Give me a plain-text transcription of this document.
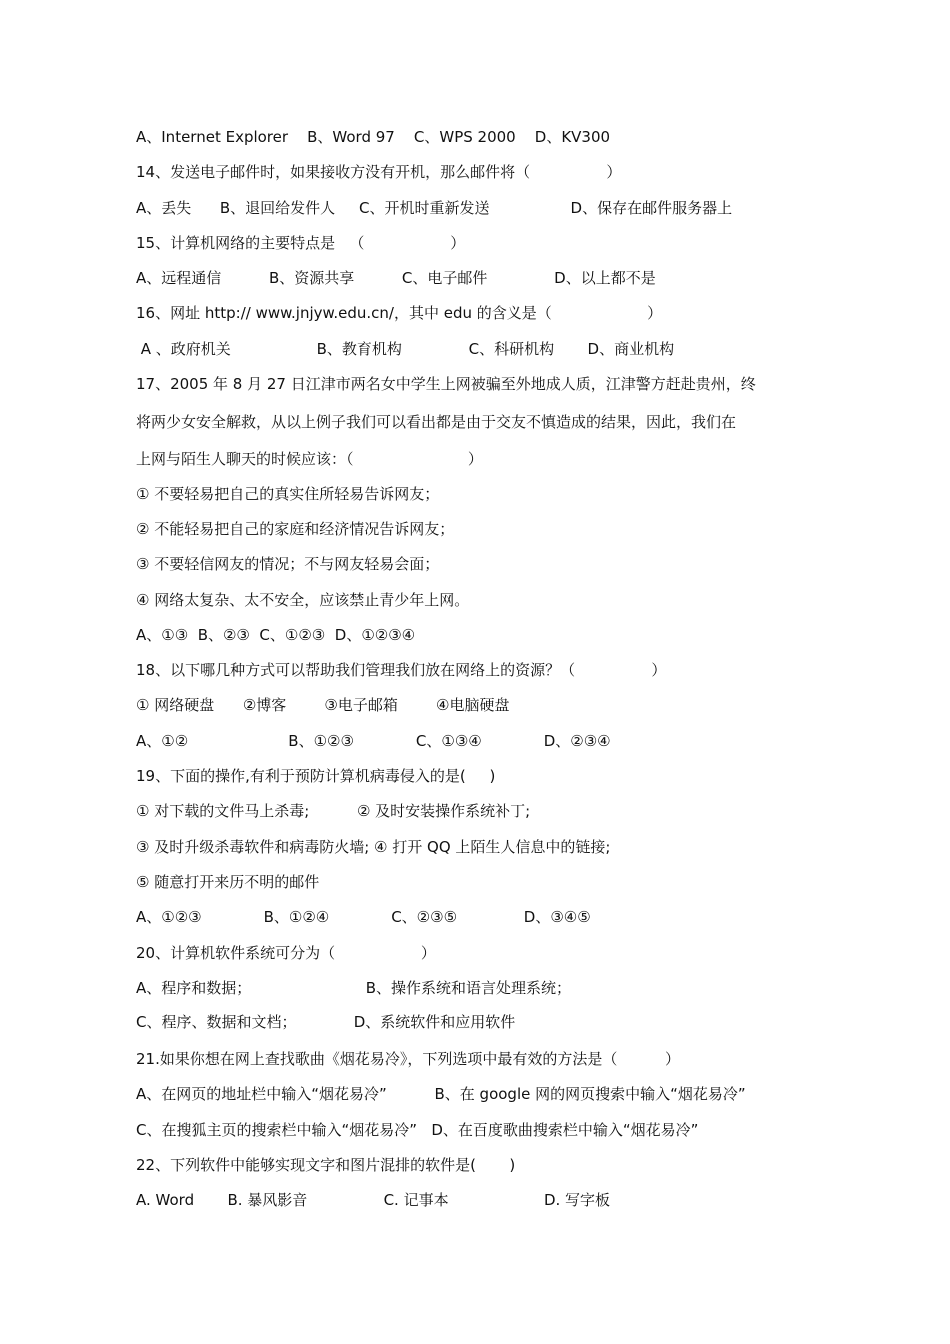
A、Internet Explorer    B、Word 97    C、WPS 2000    D、KV300
14、发送电子邮件时，如果接收方没有开机，那么邮件将（                ）
A、丢失      B、退回给发件人     C、开机时重新发送                 D、保存在邮件服务器上
15、计算机网络的主要特点是   （                  ）
A、远程通信          B、资源共享          C、电子邮件              D、以上都不是
16、网址 http:// www.jnjyw.edu.cn/，其中 edu 的含义是（                    ）
A 、政府机关                  B、教育机构              C、科研机构       D、商业机构
17、2005 年 8 月 27 日江津市两名女中学生上网被骗至外地成人质，江津警方赶赴贵州，终
将两少女安全解救，从以上例子我们可以看出都是由于交友不慎造成的结果，因此，我们在
上网与陌生人聊天的时候应该：（                        ）
① 不要轻易把自己的真实住所轻易告诉网友；
② 不能轻易把自己的家庭和经济情况告诉网友；
③ 不要轻信网友的情况；不与网友轻易会面；
④ 网络太复杂、太不安全，应该禁止青少年上网。
A、①③  B、②③  C、①②③  D、①②③④
18、以下哪几种方式可以帮助我们管理我们放在网络上的资源？（                ）
① 网络硬盘      ②博客        ③电子邮箱        ④电脑硬盘
A、①②                     B、①②③             C、①③④             D、②③④
19、下面的操作,有利于预防计算机病毒侵入的是(     )
① 对下载的文件马上杀毒;          ② 及时安装操作系统补丁;
③ 及时升级杀毒软件和病毒防火墙; ④ 打开 QQ 上陌生人信息中的链接;
⑤ 随意打开来历不明的邮件
A、①②③             B、①②④             C、②③⑤              D、③④⑤
20、计算机软件系统可分为（                  ）
A、程序和数据；                        B、操作系统和语言处理系统；
C、程序、数据和文档；            D、系统软件和应用软件
21.如果你想在网上查找歌曲《烟花易冷》，下列选项中最有效的方法是（          ）
A、在网页的地址栏中输入“烟花易冷”          B、在 google 网的网页搜索中输入“烟花易冷”
C、在搜狐主页的搜索栏中输入“烟花易冷”   D、在百度歌曲搜索栏中输入“烟花易冷”
22、下列软件中能够实现文字和图片混排的软件是(       )
A. Word       B. 暴风影音                C. 记事本                    D. 写字板
